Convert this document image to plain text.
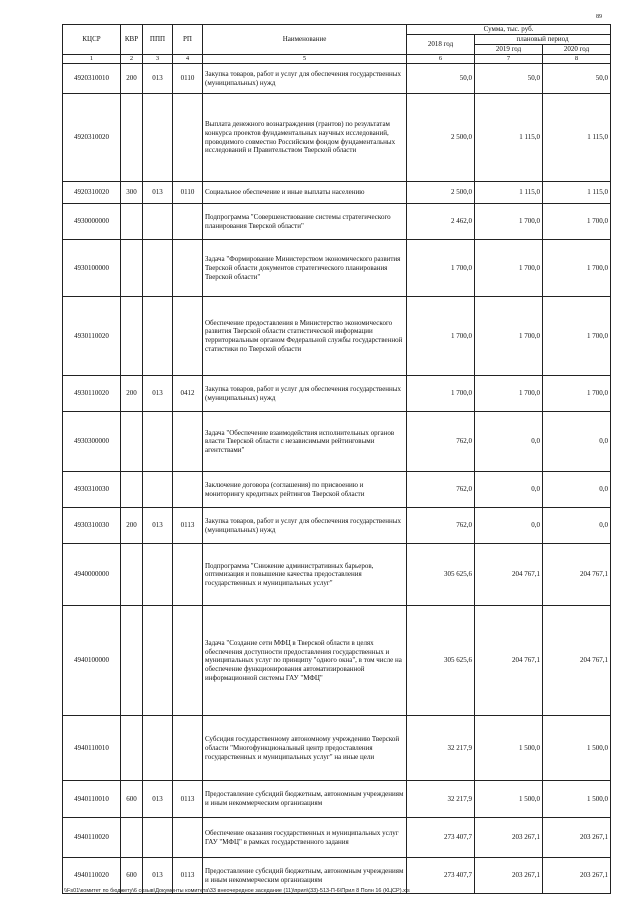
89
КЦСР	КВР	ППП	РП	Наименование	Сумма, тыс. руб.		
					2018 год	плановый период	
						2019 год	2020 год
1	2	3	4	5	6	7	8
4920310010	200	013	0110	Закупка товаров, работ и услуг для обеспечения государственных (муниципальных) нужд	50,0	50,0	50,0
4920310020				Выплата денежного вознаграждения (грантов) по результатам конкурса проектов фундаментальных научных исследований, проводимого совместно Российским фондом фундаментальных исследований и Правительством Тверской области	2 500,0	1 115,0	1 115,0
4920310020	300	013	0110	Социальное обеспечение и иные выплаты населению	2 500,0	1 115,0	1 115,0
4930000000				Подпрограмма "Совершенствование системы стратегического планирования Тверской области"	2 462,0	1 700,0	1 700,0
4930100000				Задача "Формирование Министерством экономического развития Тверской области документов стратегического планирования Тверской области"	1 700,0	1 700,0	1 700,0
4930110020				Обеспечение предоставления в Министерство экономического развития Тверской области статистической информации территориальным органом Федеральной службы государственной статистики по Тверской области	1 700,0	1 700,0	1 700,0
4930110020	200	013	0412	Закупка товаров, работ и услуг для обеспечения государственных (муниципальных) нужд	1 700,0	1 700,0	1 700,0
4930300000				Задача "Обеспечение взаимодействия исполнительных органов власти Тверской области с независимыми рейтинговыми агентствами"	762,0	0,0	0,0
4930310030				Заключение договора (соглашения) по присвоению и мониторингу кредитных рейтингов Тверской области	762,0	0,0	0,0
4930310030	200	013	0113	Закупка товаров, работ и услуг для обеспечения государственных (муниципальных) нужд	762,0	0,0	0,0
4940000000				Подпрограмма "Снижение административных барьеров, оптимизация и повышение качества предоставления государственных и муниципальных услуг"	305 625,6	204 767,1	204 767,1
4940100000				Задача "Создание сети МФЦ в Тверской области в целях обеспечения доступности предоставления государственных и муниципальных услуг по принципу "одного окна", в том числе на обеспечение функционирования автоматизированной информационной системы ГАУ "МФЦ"	305 625,6	204 767,1	204 767,1
4940110010				Субсидия государственному автономному учреждению Тверской области "Многофункциональный центр предоставления государственных и муниципальных услуг" на иные цели	32 217,9	1 500,0	1 500,0
4940110010	600	013	0113	Предоставление субсидий бюджетным, автономным учреждениям и иным некоммерческим организациям	32 217,9	1 500,0	1 500,0
4940110020				Обеспечение оказания государственных и муниципальных услуг ГАУ "МФЦ" в рамках государственного задания	273 407,7	203 267,1	203 267,1
4940110020	600	013	0113	Предоставление субсидий бюджетным, автономным учреждениям и иным некоммерческим организациям	273 407,7	203 267,1	203 267,1
\\Fs01\комитет по бюджету\6 созыв\Документы комитета\33 внеочередное заседание (11)\прил\(33)-513-П-6\Прил 8 Полн 16 (КЦСР).xls
